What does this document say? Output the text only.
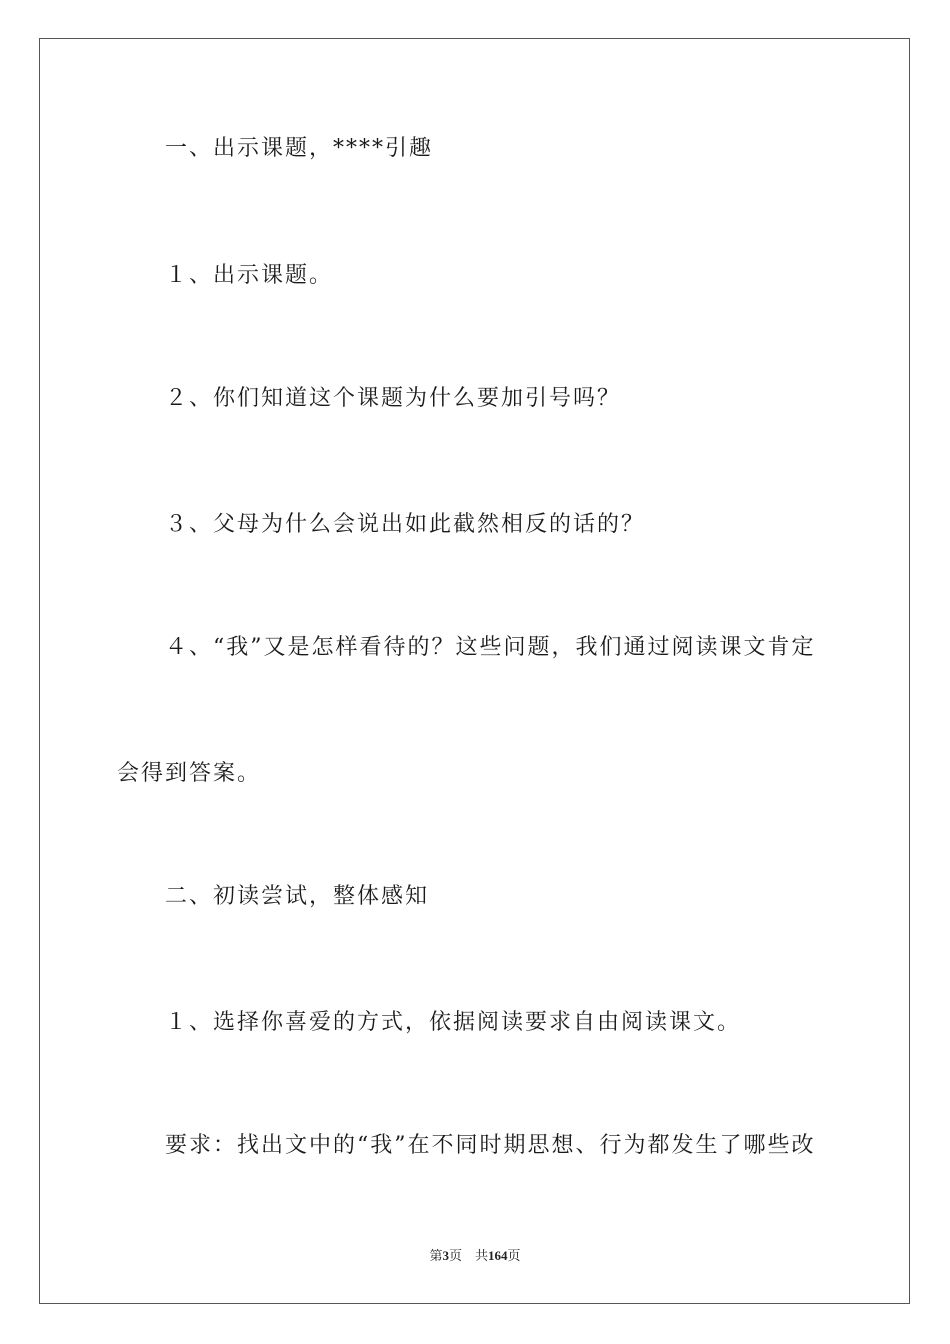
一、出示课题，****引趣
１、出示课题。
２、你们知道这个课题为什么要加引号吗？
３、父母为什么会说出如此截然相反的话的？
４、“我”又是怎样看待的？这些问题，我们通过阅读课文肯定
会得到答案。
二、初读尝试，整体感知
１、选择你喜爱的方式，依据阅读要求自由阅读课文。
要求：找出文中的“我”在不同时期思想、行为都发生了哪些改
第3页 共164页
